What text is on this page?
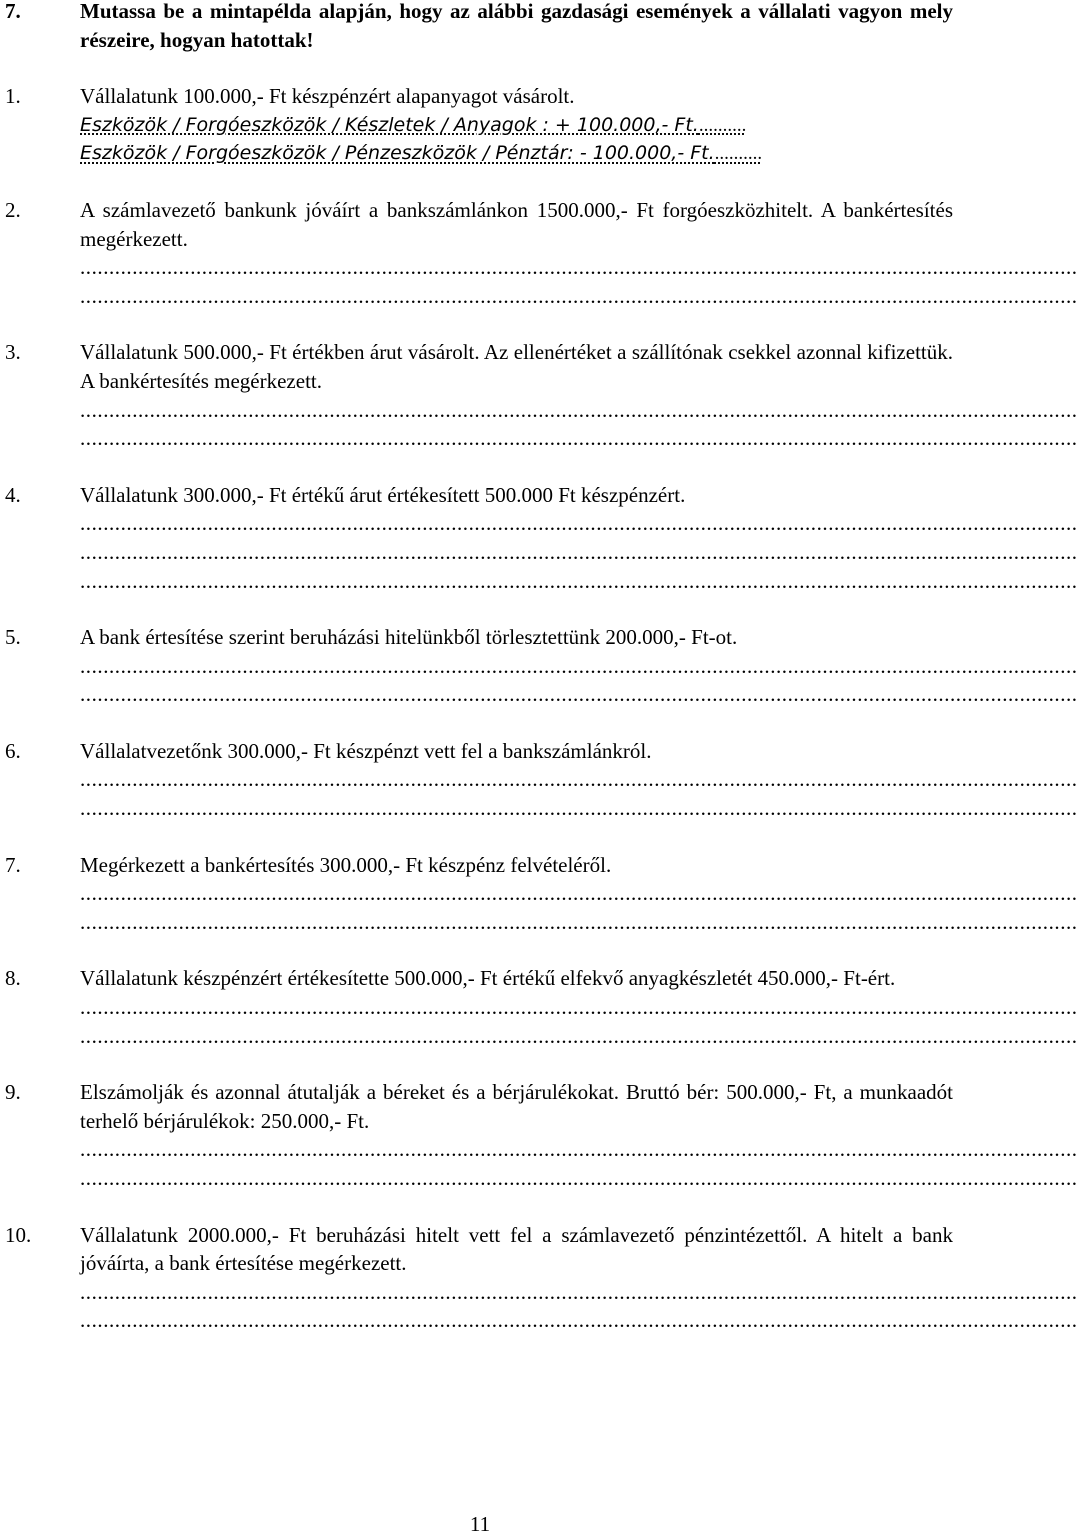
7.	Mutassa be a mintapélda alapján, hogy az alábbi gazdasági események a vállalati vagyon mely részeire, hogyan hatottak!
1.	Vállalatunk 100.000,- Ft készpénzért alapanyagot vásárolt.
Eszközök / Forgóeszközök / Készletek / Anyagok : + 100.000,- Ft...........
Eszközök / Forgóeszközök / Pénzeszközök / Pénztár: - 100.000,- Ft...........
2.	A számlavezető bankunk jóváírt a bankszámlánkon 1500.000,- Ft forgóeszközhitelt. A bankértesítés megérkezett.
............................................................................................................................................................................
............................................................................................................................................................................
3.	Vállalatunk 500.000,- Ft értékben árut vásárolt. Az ellenértéket a szállítónak csekkel azonnal kifizettük. A bankértesítés megérkezett.
............................................................................................................................................................................
............................................................................................................................................................................
4.	Vállalatunk 300.000,- Ft értékű árut értékesített 500.000 Ft készpénzért.
............................................................................................................................................................................
............................................................................................................................................................................
............................................................................................................................................................................
5.	A bank értesítése szerint beruházási hitelünkből törlesztettünk 200.000,- Ft-ot.
............................................................................................................................................................................
............................................................................................................................................................................
6.	Vállalatvezetőnk 300.000,- Ft készpénzt vett fel a bankszámlánkról.
............................................................................................................................................................................
............................................................................................................................................................................
7.	Megérkezett a bankértesítés 300.000,- Ft készpénz felvételéről.
............................................................................................................................................................................
............................................................................................................................................................................
8.	Vállalatunk készpénzért értékesítette 500.000,- Ft értékű elfekvő anyagkészletét 450.000,- Ft-ért.
............................................................................................................................................................................
............................................................................................................................................................................
9.	Elszámolják és azonnal átutalják a béreket és a bérjárulékokat. Bruttó bér: 500.000,- Ft, a munkaadót terhelő bérjárulékok: 250.000,- Ft.
............................................................................................................................................................................
............................................................................................................................................................................
10.	Vállalatunk 2000.000,- Ft beruházási hitelt vett fel a számlavezető pénzintézettől. A hitelt a bank jóváírta, a bank értesítése megérkezett.
............................................................................................................................................................................
............................................................................................................................................................................
11
